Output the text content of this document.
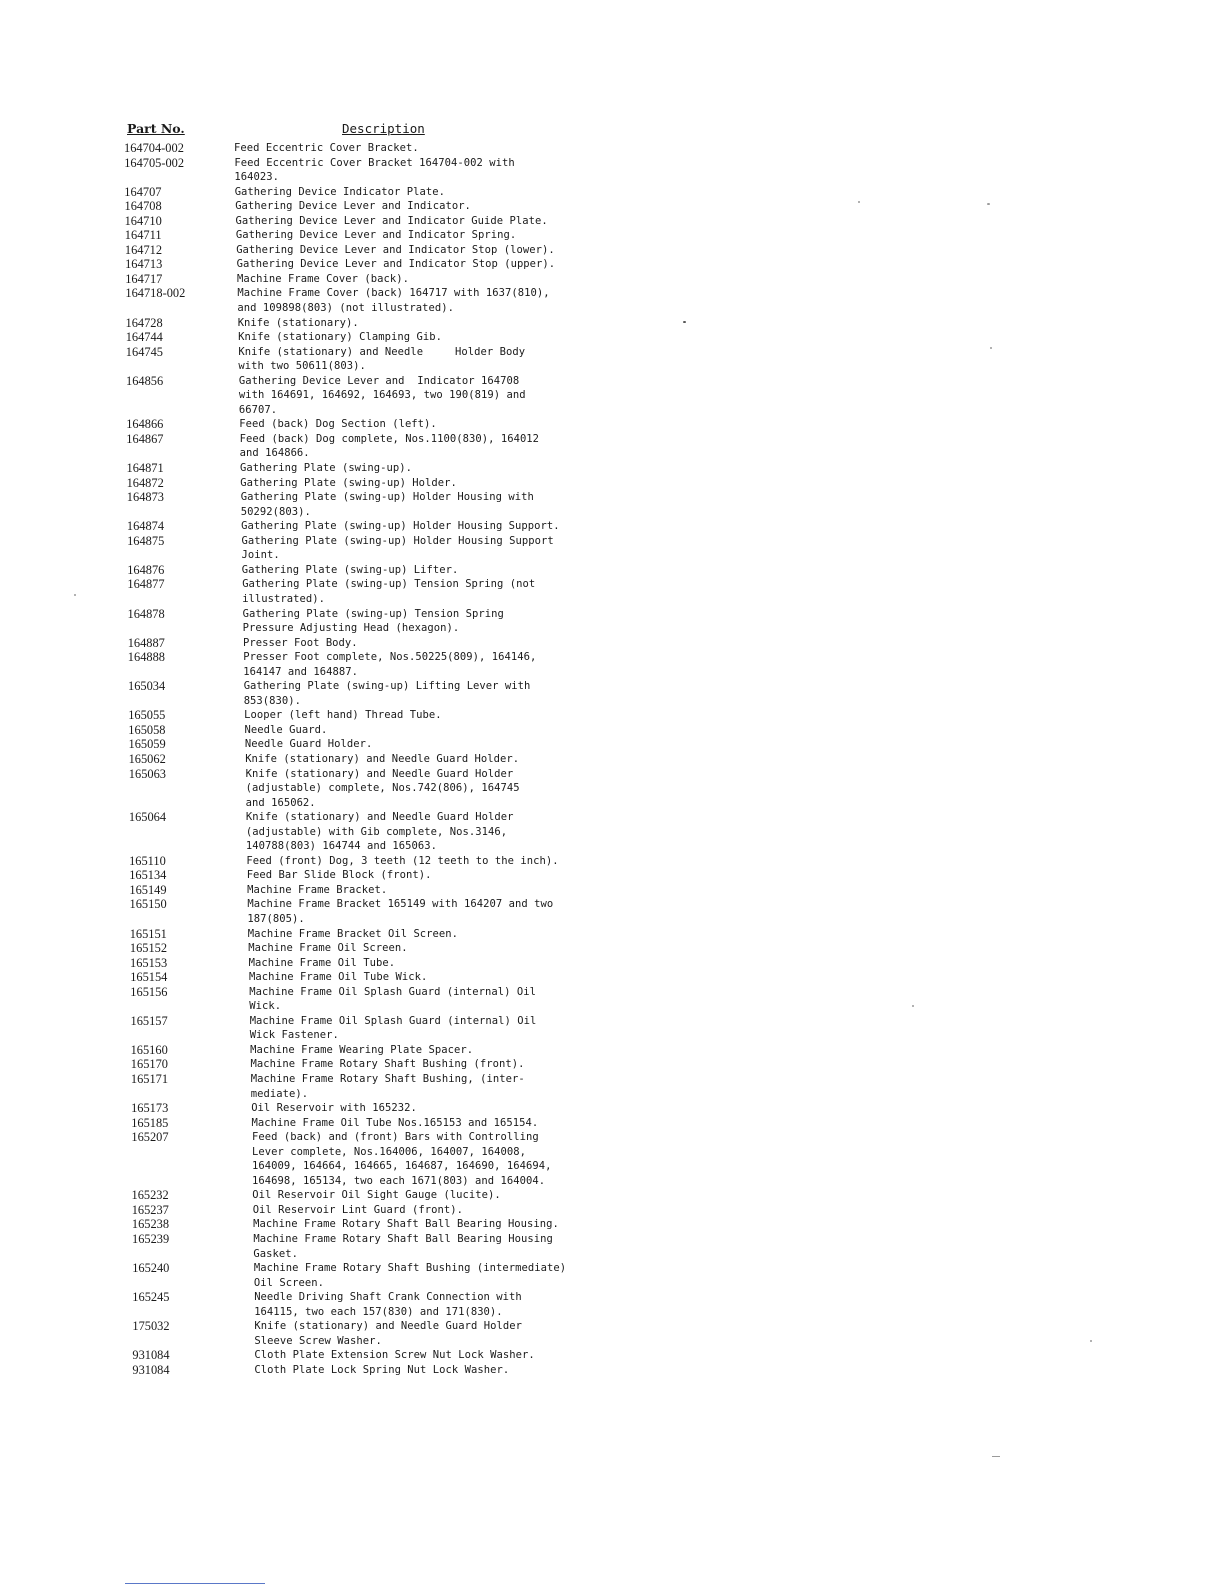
Part No.	Description
164704-002	Feed Eccentric Cover Bracket.
164705-002	Feed Eccentric Cover Bracket 164704-002 with
164023.
164707	Gathering Device Indicator Plate.
164708	Gathering Device Lever and Indicator.
164710	Gathering Device Lever and Indicator Guide Plate.
164711	Gathering Device Lever and Indicator Spring.
164712	Gathering Device Lever and Indicator Stop (lower).
164713	Gathering Device Lever and Indicator Stop (upper).
164717	Machine Frame Cover (back).
164718-002	Machine Frame Cover (back) 164717 with 1637(810),
and 109898(803) (not illustrated).
164728	Knife (stationary).
164744	Knife (stationary) Clamping Gib.
164745	Knife (stationary) and Needle     Holder Body
with two 50611(803).
164856	Gathering Device Lever and  Indicator 164708
with 164691, 164692, 164693, two 190(819) and
66707.
164866	Feed (back) Dog Section (left).
164867	Feed (back) Dog complete, Nos.1100(830), 164012
and 164866.
164871	Gathering Plate (swing-up).
164872	Gathering Plate (swing-up) Holder.
164873	Gathering Plate (swing-up) Holder Housing with
50292(803).
164874	Gathering Plate (swing-up) Holder Housing Support.
164875	Gathering Plate (swing-up) Holder Housing Support
Joint.
164876	Gathering Plate (swing-up) Lifter.
164877	Gathering Plate (swing-up) Tension Spring (not
illustrated).
164878	Gathering Plate (swing-up) Tension Spring
Pressure Adjusting Head (hexagon).
164887	Presser Foot Body.
164888	Presser Foot complete, Nos.50225(809), 164146,
164147 and 164887.
165034	Gathering Plate (swing-up) Lifting Lever with
853(830).
165055	Looper (left hand) Thread Tube.
165058	Needle Guard.
165059	Needle Guard Holder.
165062	Knife (stationary) and Needle Guard Holder.
165063	Knife (stationary) and Needle Guard Holder
(adjustable) complete, Nos.742(806), 164745
and 165062.
165064	Knife (stationary) and Needle Guard Holder
(adjustable) with Gib complete, Nos.3146,
140788(803) 164744 and 165063.
165110	Feed (front) Dog, 3 teeth (12 teeth to the inch).
165134	Feed Bar Slide Block (front).
165149	Machine Frame Bracket.
165150	Machine Frame Bracket 165149 with 164207 and two
187(805).
165151	Machine Frame Bracket Oil Screen.
165152	Machine Frame Oil Screen.
165153	Machine Frame Oil Tube.
165154	Machine Frame Oil Tube Wick.
165156	Machine Frame Oil Splash Guard (internal) Oil
Wick.
165157	Machine Frame Oil Splash Guard (internal) Oil
Wick Fastener.
165160	Machine Frame Wearing Plate Spacer.
165170	Machine Frame Rotary Shaft Bushing (front).
165171	Machine Frame Rotary Shaft Bushing, (inter-
mediate).
165173	Oil Reservoir with 165232.
165185	Machine Frame Oil Tube Nos.165153 and 165154.
165207	Feed (back) and (front) Bars with Controlling
Lever complete, Nos.164006, 164007, 164008,
164009, 164664, 164665, 164687, 164690, 164694,
164698, 165134, two each 1671(803) and 164004.
165232	Oil Reservoir Oil Sight Gauge (lucite).
165237	Oil Reservoir Lint Guard (front).
165238	Machine Frame Rotary Shaft Ball Bearing Housing.
165239	Machine Frame Rotary Shaft Ball Bearing Housing
Gasket.
165240	Machine Frame Rotary Shaft Bushing (intermediate)
Oil Screen.
165245	Needle Driving Shaft Crank Connection with
164115, two each 157(830) and 171(830).
175032	Knife (stationary) and Needle Guard Holder
Sleeve Screw Washer.
931084	Cloth Plate Extension Screw Nut Lock Washer.
931084	Cloth Plate Lock Spring Nut Lock Washer.
